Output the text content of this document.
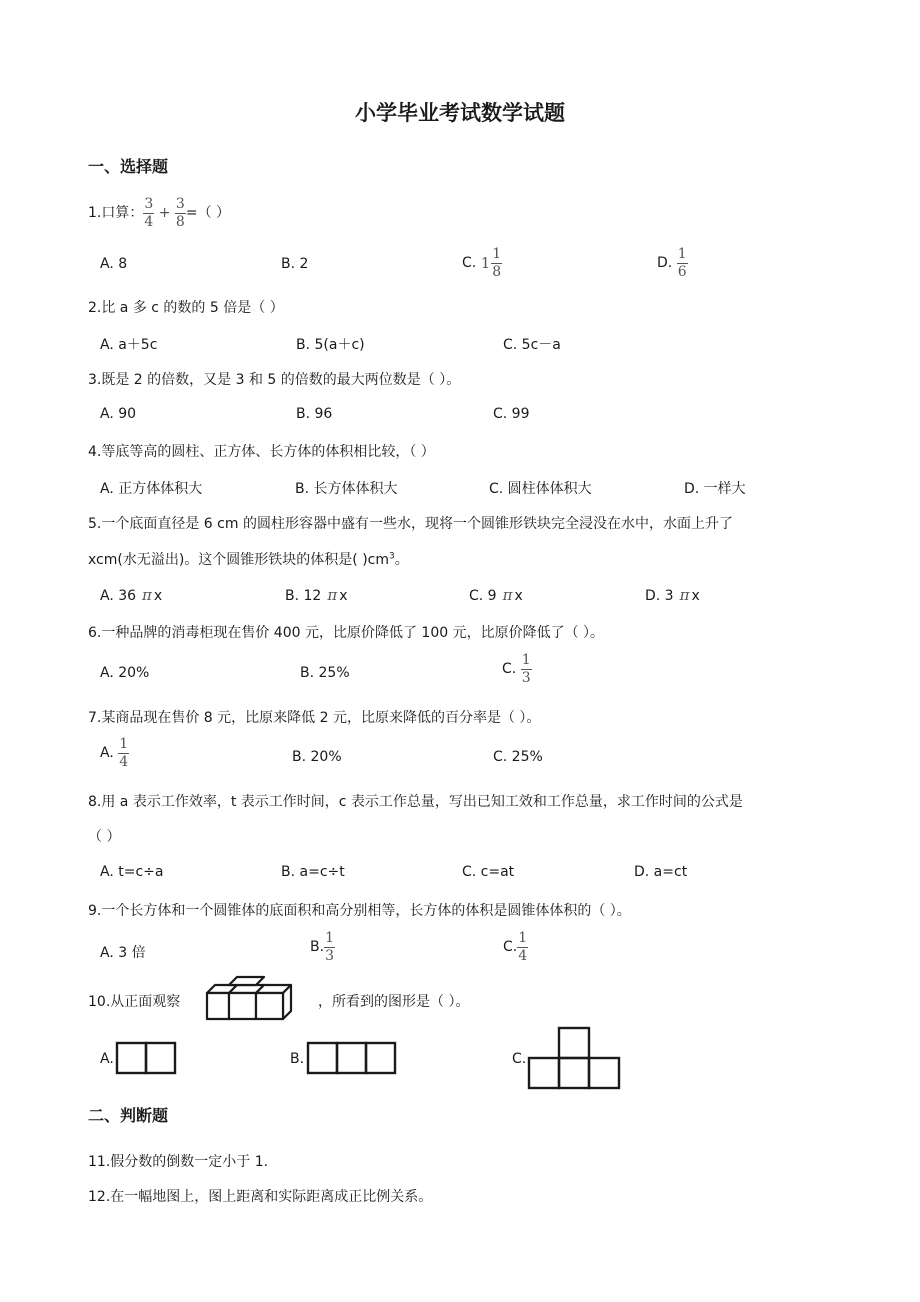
小学毕业考试数学试题
一、选择题
1.口算： $\frac{3}{4} + \frac{3}{8}$ =（ ）
A. 8	B. 2	C. $1 \frac{1}{8}$	D. $\frac{1}{6}$
2.比 a 多 c 的数的 5 倍是（ ）
A. a＋5c	B. 5(a＋c)	C. 5c－a
3.既是 2 的倍数，又是 3 和 5 的倍数的最大两位数是（ ）。
A. 90	B. 96	C. 99
4.等底等高的圆柱、正方体、长方体的体积相比较，（ ）
A. 正方体体积大	B. 长方体体积大	C. 圆柱体体积大	D. 一样大
5.一个底面直径是 6 cm 的圆柱形容器中盛有一些水，现将一个圆锥形铁块完全浸没在水中，水面上升了
xcm(水无溢出)。这个圆锥形铁块的体积是( )$cm^3$。
A. 36 π x	B. 12 π x	C. 9 π x	D. 3 π x
6.一种品牌的消毒柜现在售价 400 元，比原价降低了 100 元，比原价降低了（ ）。
A. 20%	B. 25%	C. $\frac{1}{3}$
7.某商品现在售价 8 元，比原来降低 2 元，比原来降低的百分率是（ ）。
A. $\frac{1}{4}$	B. 20%	C. 25%
8.用 a 表示工作效率，t 表示工作时间，c 表示工作总量，写出已知工效和工作总量，求工作时间的公式是
（ ）
A. t=c÷a	B. a=c÷t	C. c=at	D. a=ct
9.一个长方体和一个圆锥体的底面积和高分别相等，长方体的体积是圆锥体体积的（ ）。
A. 3 倍	B. $\frac{1}{3}$	C. $\frac{1}{4}$
10.从正面观察	，所看到的图形是（ ）。
A.	B.	C.
二、判断题
11.假分数的倒数一定小于 1.
12.在一幅地图上，图上距离和实际距离成正比例关系。
